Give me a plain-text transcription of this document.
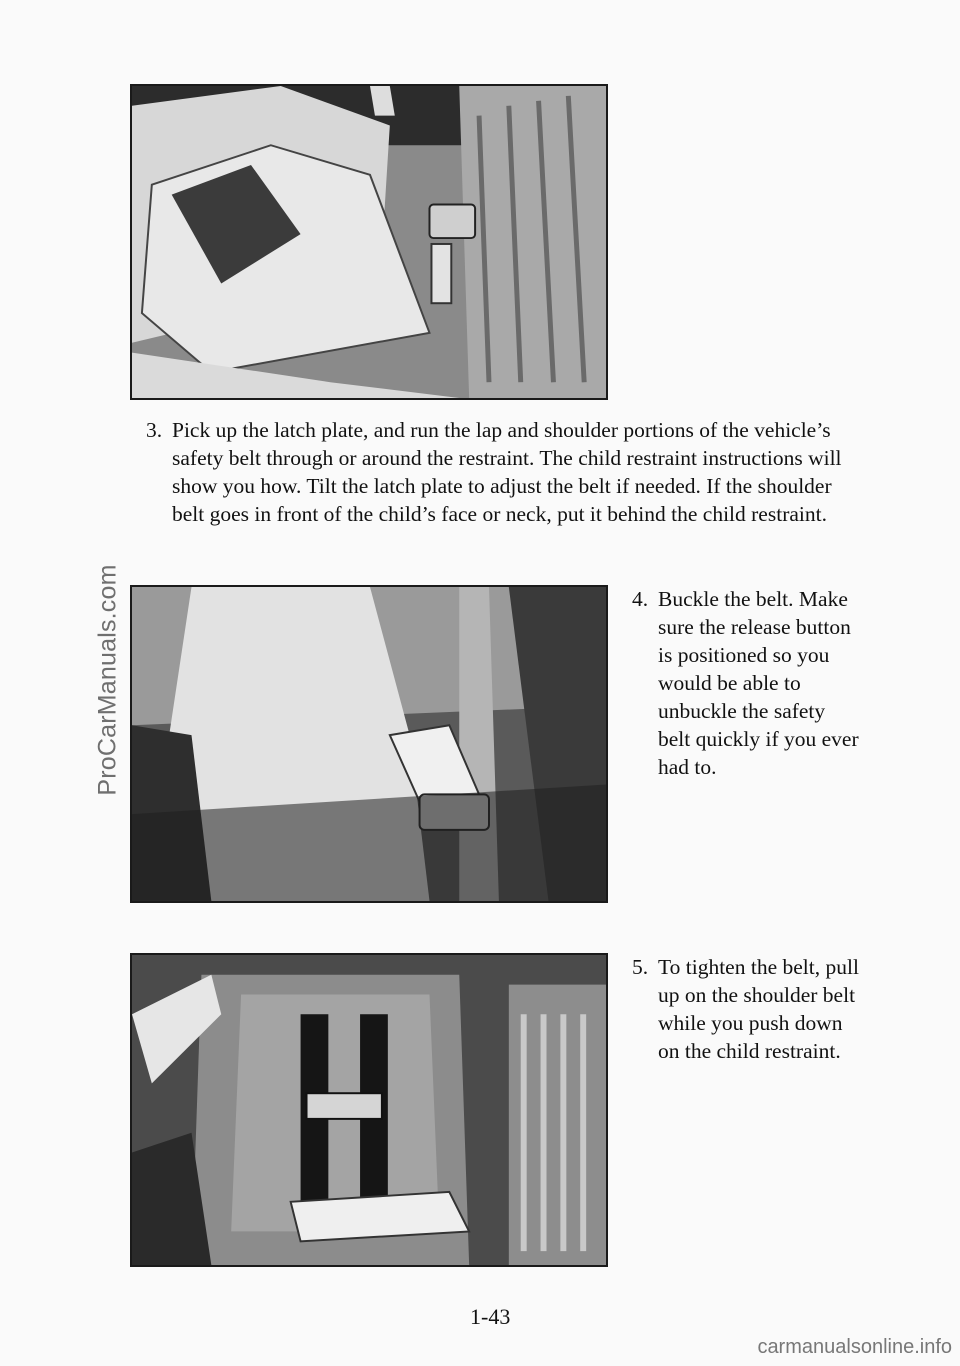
ProCarManuals.com
3. Pick up the latch plate, and run the lap and shoulder portions of the vehicle’s safety belt through or around the restraint. The child restraint instructions will show you how. Tilt the latch plate to adjust the belt if needed. If the shoulder belt goes in front of the child’s face or neck, put it behind the child restraint.
4. Buckle the belt. Make sure the release button is positioned so you would be able to unbuckle the safety belt quickly if you ever had to.
5. To tighten the belt, pull up on the shoulder belt while you push down on the child restraint.
1-43
carmanualsonline.info
